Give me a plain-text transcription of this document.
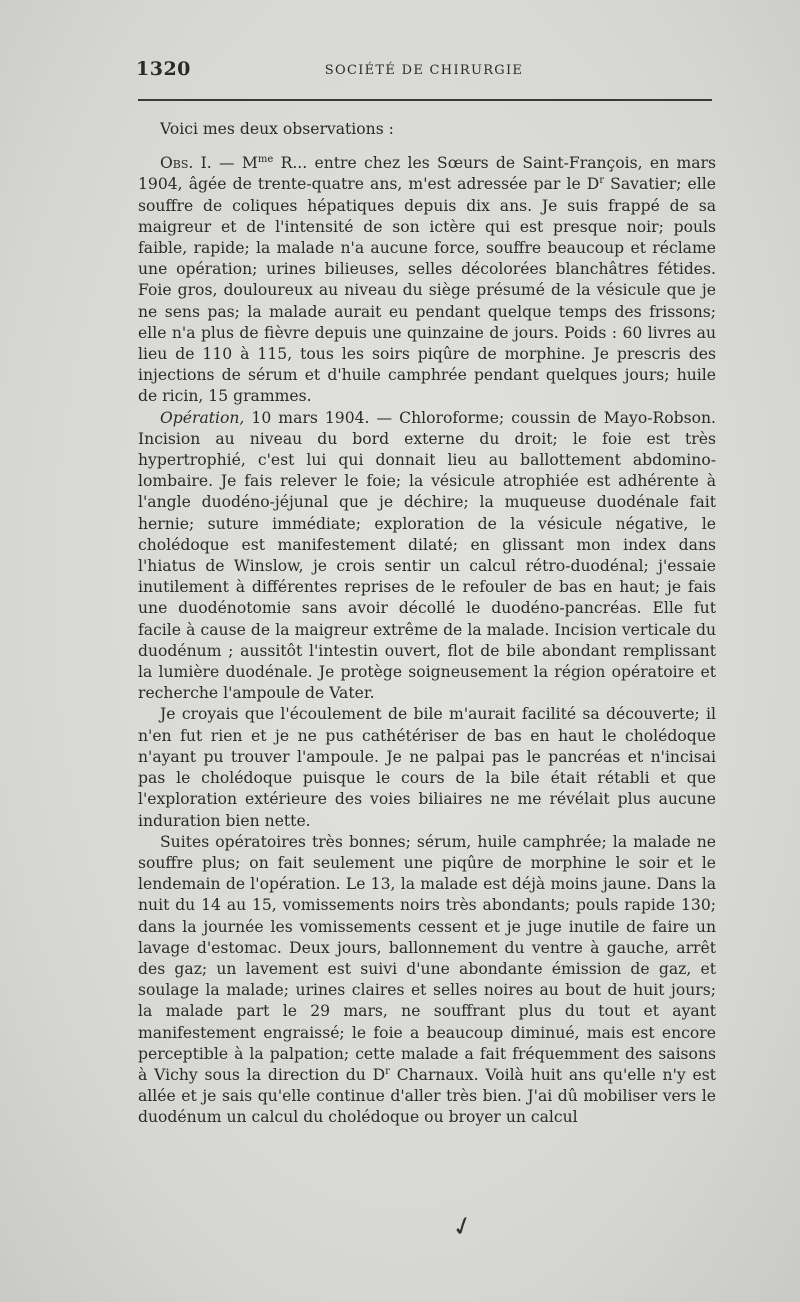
1320	SOCIÉTÉ DE CHIRURGIE

Voici mes deux observations :

Obs. I. — $M^{me}$ R... entre chez les Sœurs de Saint-François, en mars 1904, âgée de trente-quatre ans, m'est adressée par le $D^r$ Savatier; elle souffre de coliques hépatiques depuis dix ans. Je suis frappé de sa maigreur et de l'intensité de son ictère qui est presque noir; pouls faible, rapide; la malade n'a aucune force, souffre beaucoup et réclame une opération; urines bilieuses, selles décolorées blanchâtres fétides. Foie gros, douloureux au niveau du siège présumé de la vésicule que je ne sens pas; la malade aurait eu pendant quelque temps des frissons; elle n'a plus de fièvre depuis une quinzaine de jours. Poids : 60 livres au lieu de 110 à 115, tous les soirs piqûre de morphine. Je prescris des injections de sérum et d'huile camphrée pendant quelques jours; huile de ricin, 15 grammes.

Opération, 10 mars 1904. — Chloroforme; coussin de Mayo-Robson. Incision au niveau du bord externe du droit; le foie est très hypertrophié, c'est lui qui donnait lieu au ballottement abdomino-lombaire. Je fais relever le foie; la vésicule atrophiée est adhérente à l'angle duodéno-jéjunal que je déchire; la muqueuse duodénale fait hernie; suture immédiate; exploration de la vésicule négative, le cholédoque est manifestement dilaté; en glissant mon index dans l'hiatus de Winslow, je crois sentir un calcul rétro-duodénal; j'essaie inutilement à différentes reprises de le refouler de bas en haut; je fais une duodénotomie sans avoir décollé le duodéno-pancréas. Elle fut facile à cause de la maigreur extrême de la malade. Incision verticale du duodénum ; aussitôt l'intestin ouvert, flot de bile abondant remplissant la lumière duodénale. Je protège soigneusement la région opératoire et recherche l'ampoule de Vater.

Je croyais que l'écoulement de bile m'aurait facilité sa découverte; il n'en fut rien et je ne pus cathétériser de bas en haut le cholédoque n'ayant pu trouver l'ampoule. Je ne palpai pas le pancréas et n'incisai pas le cholédoque puisque le cours de la bile était rétabli et que l'exploration extérieure des voies biliaires ne me révélait plus aucune induration bien nette.

Suites opératoires très bonnes; sérum, huile camphrée; la malade ne souffre plus; on fait seulement une piqûre de morphine le soir et le lendemain de l'opération. Le 13, la malade est déjà moins jaune. Dans la nuit du 14 au 15, vomissements noirs très abondants; pouls rapide 130; dans la journée les vomissements cessent et je juge inutile de faire un lavage d'estomac. Deux jours, ballonnement du ventre à gauche, arrêt des gaz; un lavement est suivi d'une abondante émission de gaz, et soulage la malade; urines claires et selles noires au bout de huit jours; la malade part le 29 mars, ne souffrant plus du tout et ayant manifestement engraissé; le foie a beaucoup diminué, mais est encore perceptible à la palpation; cette malade a fait fréquemment des saisons à Vichy sous la direction du $D^r$ Charnaux. Voilà huit ans qu'elle n'y est allée et je sais qu'elle continue d'aller très bien. J'ai dû mobiliser vers le duodénum un calcul du cholédoque ou broyer un calcul

✓
